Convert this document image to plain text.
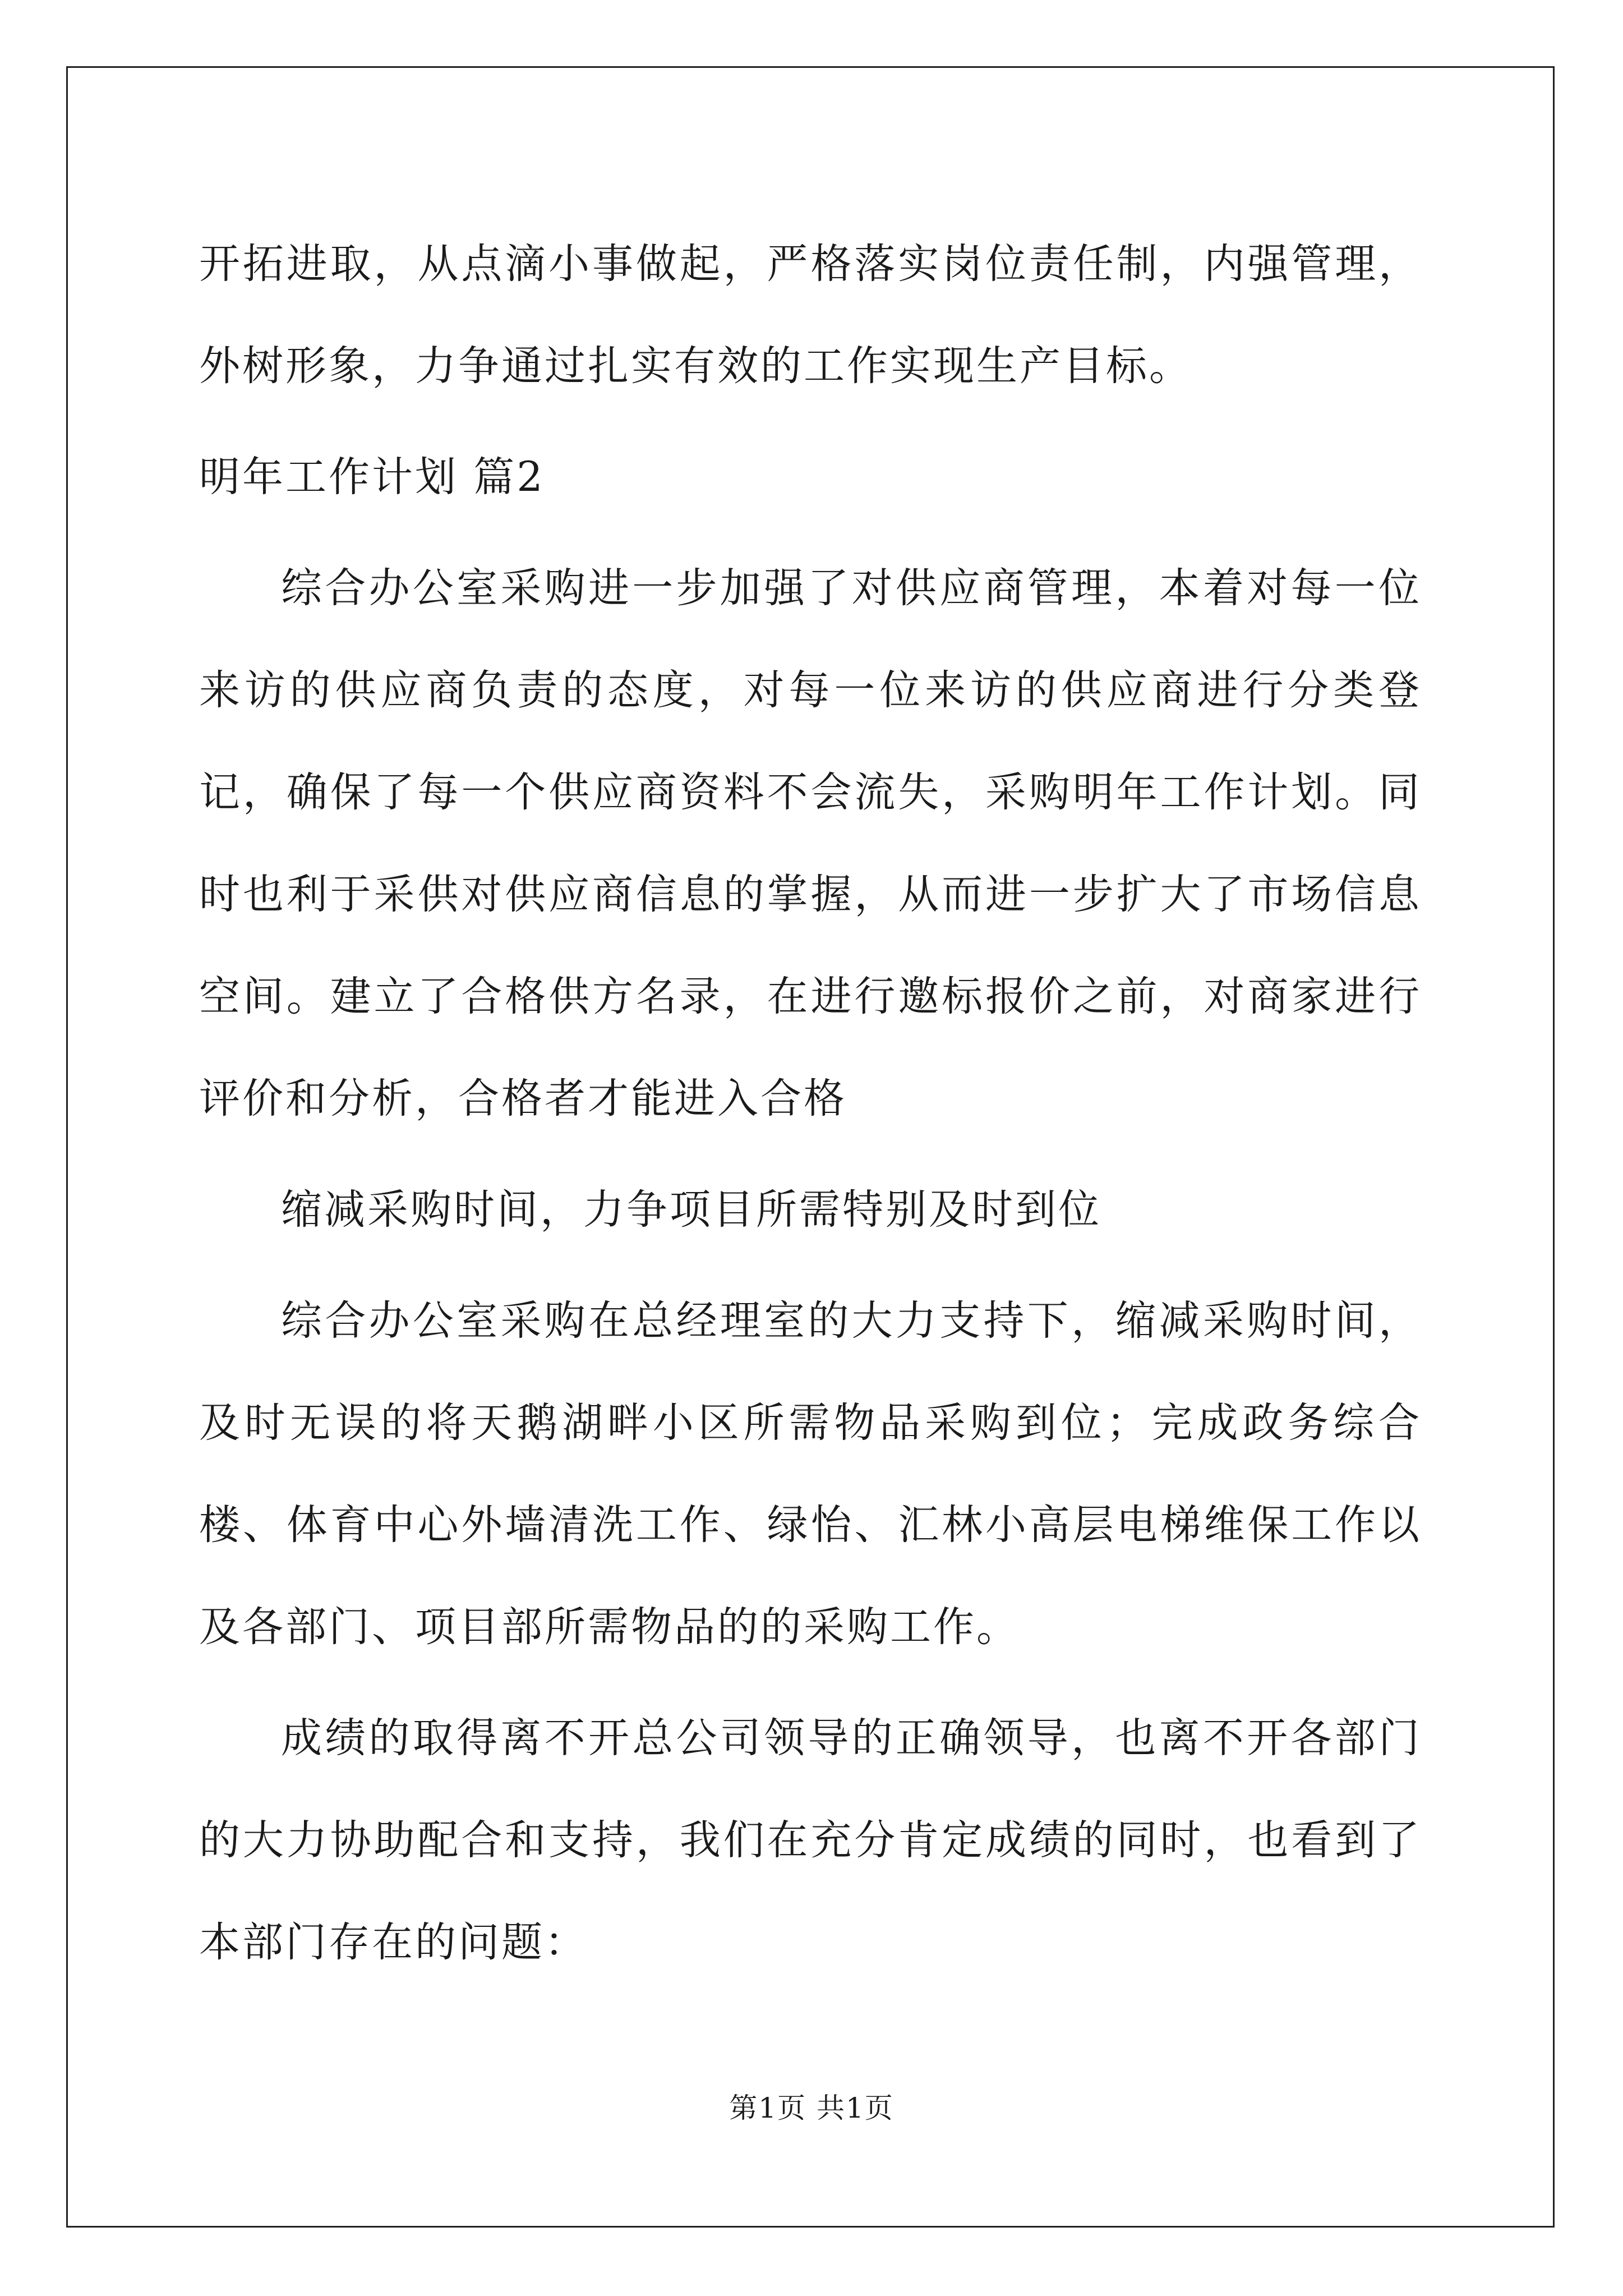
开拓进取，从点滴小事做起，严格落实岗位责任制，内强管理，外树形象，力争通过扎实有效的工作实现生产目标。

明年工作计划 篇2

综合办公室采购进一步加强了对供应商管理，本着对每一位来访的供应商负责的态度，对每一位来访的供应商进行分类登记，确保了每一个供应商资料不会流失，采购明年工作计划。同时也利于采供对供应商信息的掌握，从而进一步扩大了市场信息空间。建立了合格供方名录，在进行邀标报价之前，对商家进行评价和分析，合格者才能进入合格

缩减采购时间，力争项目所需特别及时到位

综合办公室采购在总经理室的大力支持下，缩减采购时间，及时无误的将天鹅湖畔小区所需物品采购到位；完成政务综合楼、体育中心外墙清洗工作、绿怡、汇林小高层电梯维保工作以及各部门、项目部所需物品的的采购工作。

成绩的取得离不开总公司领导的正确领导，也离不开各部门的大力协助配合和支持，我们在充分肯定成绩的同时，也看到了本部门存在的问题：

第1页 共1页
